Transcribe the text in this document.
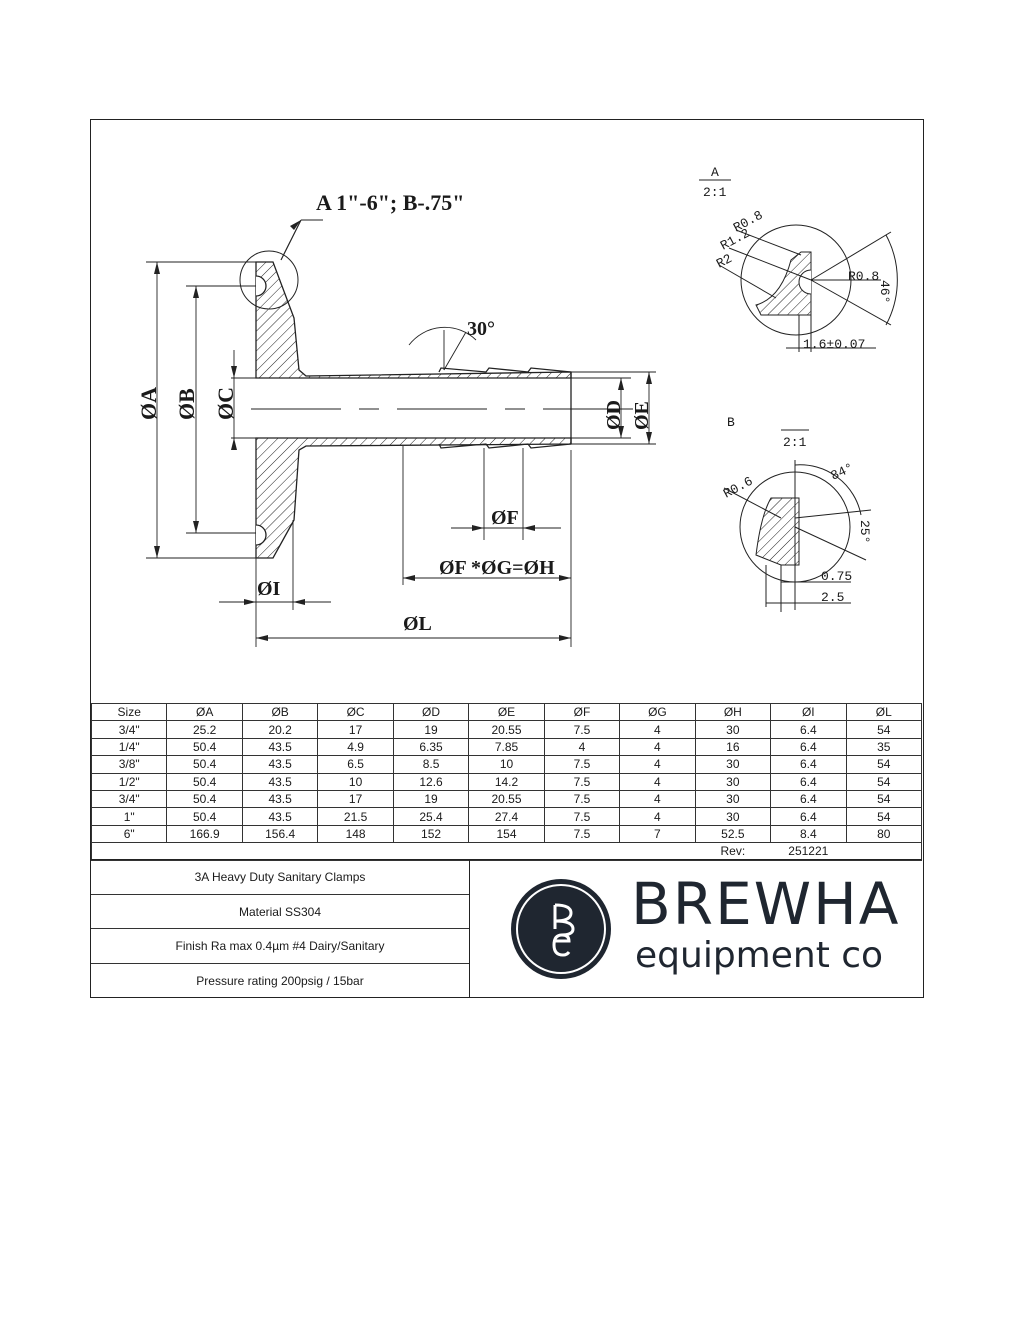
A 1"-6"; B-.75"
30°
ØA ØB ØC	ØD ØE
ØF
ØF *ØG=ØH
ØI
ØL
A
2:1
R0.8
R1.2
R2
R0.8
46°
1.6±0.07
B
2:1
R0.6
84°
25°
0.75
2.5
Size	ØA	ØB	ØC	ØD	ØE	ØF	ØG	ØH	ØI	ØL
3/4"	25.2	20.2	17	19	20.55	7.5	4	30	6.4	54
1/4"	50.4	43.5	4.9	6.35	7.85	4	4	16	6.4	35
3/8"	50.4	43.5	6.5	8.5	10	7.5	4	30	6.4	54
1/2"	50.4	43.5	10	12.6	14.2	7.5	4	30	6.4	54
3/4"	50.4	43.5	17	19	20.55	7.5	4	30	6.4	54
1"	50.4	43.5	21.5	25.4	27.4	7.5	4	30	6.4	54
6"	166.9	156.4	148	152	154	7.5	7	52.5	8.4	80
								Rev:	251221	
3A Heavy Duty Sanitary Clamps
Material SS304
Finish Ra max 0.4µm #4 Dairy/Sanitary
Pressure rating 200psig / 15bar
BREWHA
equipment co
